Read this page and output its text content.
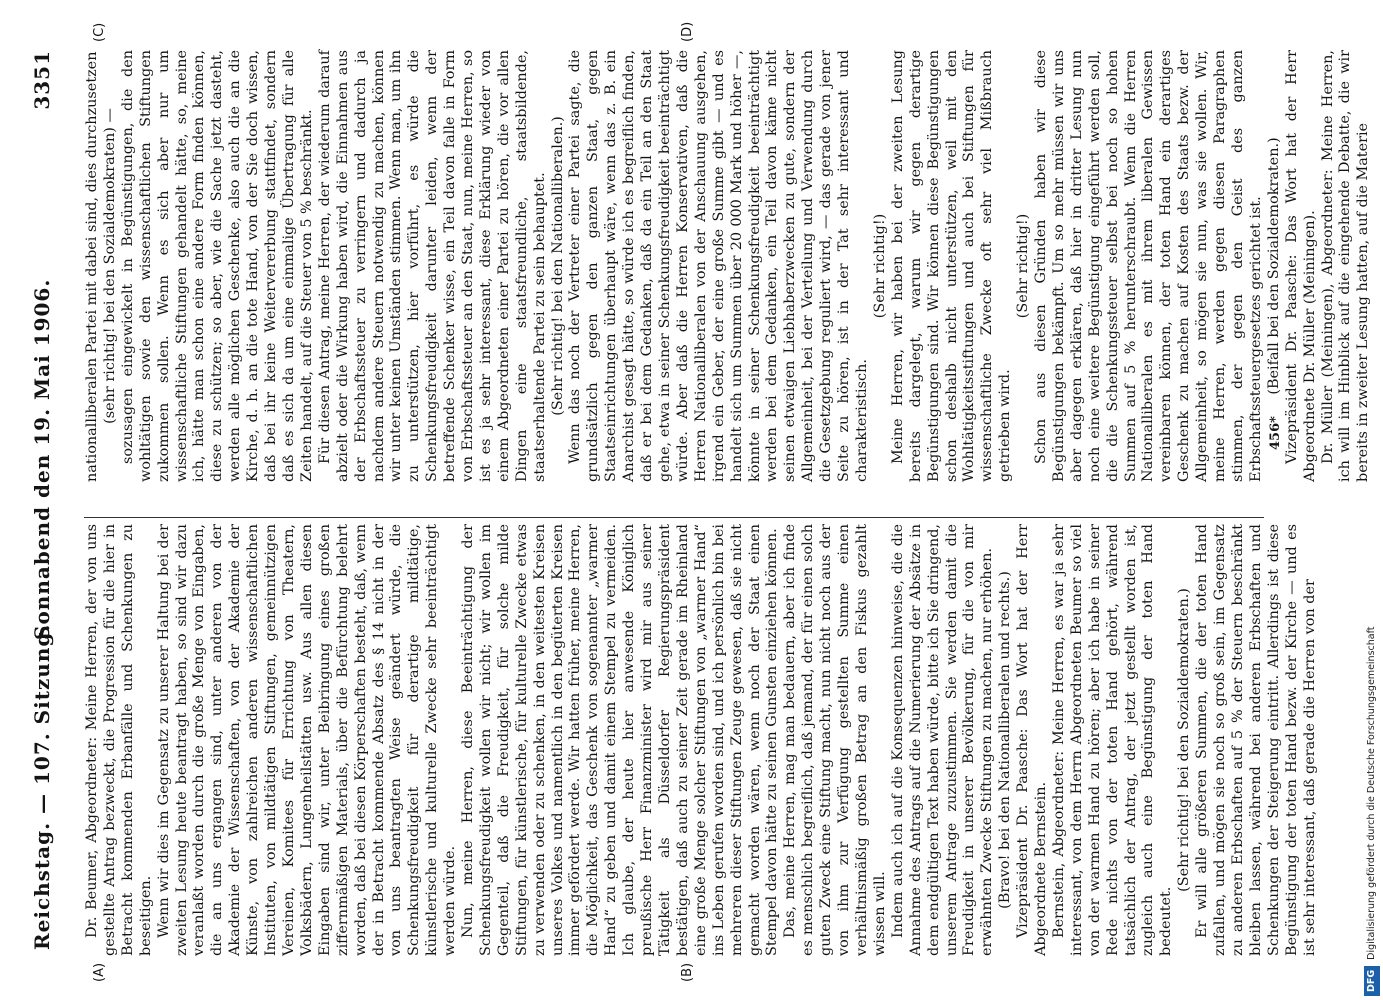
Reichstag. — 107. Sitzung.
Sonnabend den 19. Mai 1906.
3351
(A)	(B)
(C)	(D)

Dr. Beumer, Abgeordneter: Meine Herren, der von uns gestellte Antrag bezweckt, die Progression für die hier in Betracht kommenden Erbanfälle und Schenkungen zu beseitigen. Wenn wir dies im Gegensatz zu unserer Haltung bei der zweiten Lesung heute beantragt haben, so sind wir dazu veranlaßt worden durch die große Menge von Eingaben, die an uns ergangen sind, unter anderen von der Akademie der Wissenschaften, von der Akademie der Künste, von zahlreichen anderen wissenschaftlichen Instituten, von mildtätigen Stiftungen, gemeinnützigen Vereinen, Komitees für Errichtung von Theatern, Volksbädern, Lungenheilstätten usw. Aus allen diesen Eingaben sind wir, unter Beibringung eines großen ziffernmäßigen Materials, über die Befürchtung belehrt worden, daß bei diesen Körperschaften besteht, daß, wenn der in Betracht kommende Absatz des § 14 nicht in der von uns beantragten Weise geändert würde, die Schenkungsfreudigkeit für derartige mildtätige, künstlerische und kulturelle Zwecke sehr beeinträchtigt werden würde. Nun, meine Herren, diese Beeinträchtigung der Schenkungsfreudigkeit wollen wir nicht; wir wollen im Gegenteil, daß die Freudigkeit, für solche milde Stiftungen, für künstlerische, für kulturelle Zwecke etwas zu verwenden oder zu schenken, in den weitesten Kreisen unseres Volkes und namentlich in den begüterten Kreisen immer gefördert werde. Wir hatten früher, meine Herren, die Möglichkeit, das Geschenk von sogenannter „warmer Hand“ zu geben und damit einem Stempel zu vermeiden. Ich glaube, der heute hier anwesende Königlich preußische Herr Finanzminister wird mir aus seiner Tätigkeit als Düsseldorfer Regierungspräsident bestätigen, daß auch zu seiner Zeit gerade im Rheinland eine große Menge solcher Stiftungen von „warmer Hand“ ins Leben gerufen worden sind, und ich persönlich bin bei mehreren dieser Stiftungen Zeuge gewesen, daß sie nicht gemacht worden wären, wenn noch der Staat einen Stempel davon hätte zu seinen Gunsten einziehen können. Das, meine Herren, mag man bedauern, aber ich finde es menschlich begreiflich, daß jemand, der für einen solch guten Zweck eine Stiftung macht, nun nicht noch aus der von ihm zur Verfügung gestellten Summe einen verhältnismäßig großen Betrag an den Fiskus gezahlt wissen will. Indem auch ich auf die Konsequenzen hinweise, die die Annahme des Antrags auf die Numerierung der Absätze in dem endgültigen Text haben würde, bitte ich Sie dringend, unserem Antrage zuzustimmen. Sie werden damit die Freudigkeit in unserer Bevölkerung, für die von mir erwähnten Zwecke Stiftungen zu machen, nur erhöhen. (Bravo! bei den Nationalliberalen und rechts.) Vizepräsident Dr. Paasche: Das Wort hat der Herr Abgeordnete Bernstein. Bernstein, Abgeordneter: Meine Herren, es war ja sehr interessant, von dem Herrn Abgeordneten Beumer so viel von der warmen Hand zu hören; aber ich habe in seiner Rede nichts von der toten Hand gehört, während tatsächlich der Antrag, der jetzt gestellt worden ist, zugleich auch eine Begünstigung der toten Hand bedeutet.

(Sehr richtig! bei den Sozialdemokraten.) Er will alle größeren Summen, die der toten Hand zufallen, und mögen sie noch so groß sein, im Gegensatz zu anderen Erbschaften auf 5 % der Steuern beschränkt bleiben lassen, während bei anderen Erbschaften und Schenkungen der Steigerung eintritt. Allerdings ist diese Begünstigung der toten Hand bezw. der Kirche — und es ist sehr interessant, daß gerade die Herren von der

nationalliberalen Partei mit dabei sind, dies durchzusetzen (sehr richtig! bei den Sozialdemokraten) — sozusagen eingewickelt in Begünstigungen, die den wohltätigen sowie den wissenschaftlichen Stiftungen zukommen sollen. Wenn es sich aber nur um wissenschaftliche Stiftungen gehandelt hätte, so, meine ich, hätte man schon eine andere Form finden können, diese zu schützen; so aber, wie die Sache jetzt dasteht, werden alle möglichen Geschenke, also auch die an die Kirche, d. h. an die tote Hand, von der Sie doch wissen, daß bei ihr keine Weitervererbung stattfindet, sondern daß es sich da um eine einmalige Übertragung für alle Zeiten handelt, auf die Steuer von 5 % beschränkt. Für diesen Antrag, meine Herren, der wiederum darauf abzielt oder die Wirkung haben wird, die Einnahmen aus der Erbschaftssteuer zu verringern und dadurch ja nachdem andere Steuern notwendig zu machen, können wir unter keinen Umständen stimmen. Wenn man, um ihn zu unterstützen, hier vorführt, es würde die Schenkungsfreudigkeit darunter leiden, wenn der betreffende Schenker wisse, ein Teil davon falle in Form von Erbschaftssteuer an den Staat, nun, meine Herren, so ist es ja sehr interessant, diese Erklärung wieder von einem Abgeordneten einer Partei zu hören, die vor allen Dingen eine staatsfreundliche, staatsbildende, staatserhaltende Partei zu sein behauptet. (Sehr richtig! bei den Nationalliberalen.) Wenn das noch der Vertreter einer Partei sagte, die grundsätzlich gegen den ganzen Staat, gegen Staatseinrichtungen überhaupt wäre, wenn das z. B. ein Anarchist gesagt hätte, so würde ich es begreiflich finden, daß er bei dem Gedanken, daß da ein Teil an den Staat gehe, etwa in seiner Schenkungsfreudigkeit beeinträchtigt würde. Aber daß die Herren Konservativen, daß die Herren Nationalliberalen von der Anschauung ausgehen, irgend ein Geber, der eine große Summe gibt — und es handelt sich um Summen über 20 000 Mark und höher —, könnte in seiner Schenkungsfreudigkeit beeinträchtigt werden bei dem Gedanken, ein Teil davon käme nicht seinen etwaigen Liebhaberzwecken zu gute, sondern der Allgemeinheit, bei der Verteilung und Verwendung durch die Gesetzgebung reguliert wird, — das gerade von jener Seite zu hören, ist in der Tat sehr interessant und charakteristisch.

(Sehr richtig!) Meine Herren, wir haben bei der zweiten Lesung bereits dargelegt, warum wir gegen derartige Begünstigungen sind. Wir können diese Begünstigungen schon deshalb nicht unterstützen, weil mit den Wohltätigkeitsstiftungen und auch bei Stiftungen für wissenschaftliche Zwecke oft sehr viel Mißbrauch getrieben wird.

(Sehr richtig!) Schon aus diesen Gründen haben wir diese Begünstigungen bekämpft. Um so mehr müssen wir uns aber dagegen erklären, daß hier in dritter Lesung nun noch eine weitere Begünstigung eingeführt werden soll, die die Schenkungssteuer selbst bei noch so hohen Summen auf 5 % herunterschraubt. Wenn die Herren Nationalliberalen es mit ihrem liberalen Gewissen vereinbaren können, der toten Hand ein derartiges Geschenk zu machen auf Kosten des Staats bezw. der Allgemeinheit, so mögen sie nun, was sie wollen. Wir, meine Herren, werden gegen diesen Paragraphen stimmen, der gegen den Geist des ganzen Erbschaftssteuergesetzes gerichtet ist. (Beifall bei den Sozialdemokraten.) Vizepräsident Dr. Paasche: Das Wort hat der Herr Abgeordnete Dr. Müller (Meiningen). Dr. Müller (Meiningen), Abgeordneter: Meine Herren, ich will im Hinblick auf die eingehende Debatte, die wir bereits in zweiter Lesung hatten, auf die Materie

456*
DFGDigitalisierung gefördert durch die Deutsche Forschungsgemeinschaft
